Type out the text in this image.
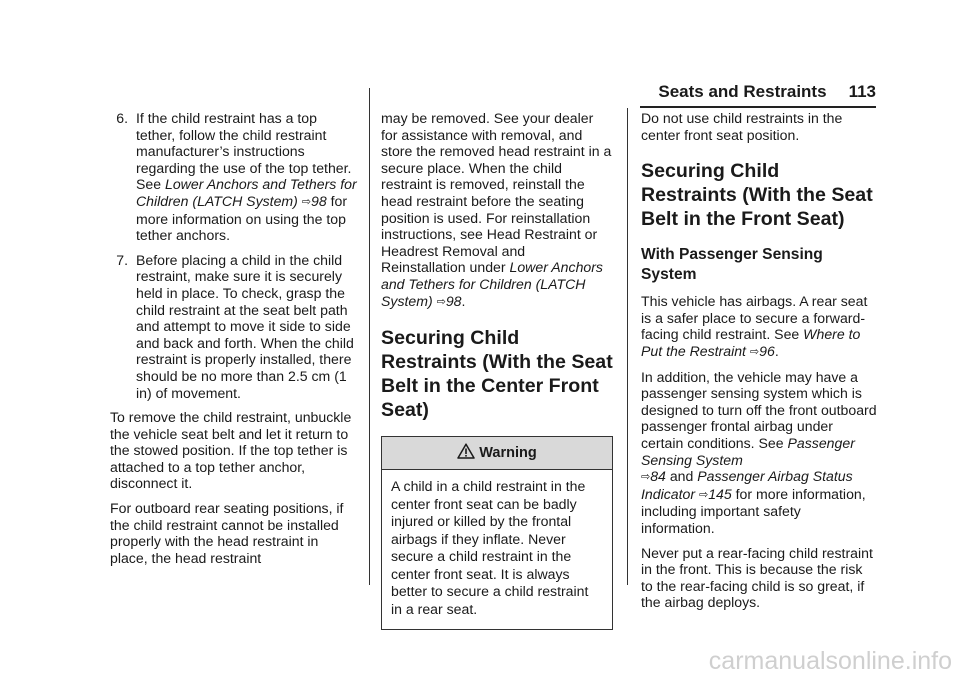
Seats and Restraints 113
6. If the child restraint has a top tether, follow the child restraint manufacturer’s instructions regarding the use of the top tether. See Lower Anchors and Tethers for Children (LATCH System) ⇨98 for more information on using the top tether anchors.
7. Before placing a child in the child restraint, make sure it is securely held in place. To check, grasp the child restraint at the seat belt path and attempt to move it side to side and back and forth. When the child restraint is properly installed, there should be no more than 2.5 cm (1 in) of movement.

To remove the child restraint, unbuckle the vehicle seat belt and let it return to the stowed position. If the top tether is attached to a top tether anchor, disconnect it.

For outboard rear seating positions, if the child restraint cannot be installed properly with the head restraint in place, the head restraint

may be removed. See your dealer for assistance with removal, and store the removed head restraint in a secure place. When the child restraint is removed, reinstall the head restraint before the seating position is used. For reinstallation instructions, see Head Restraint or Headrest Removal and Reinstallation under Lower Anchors and Tethers for Children (LATCH System) ⇨98.

Securing Child Restraints (With the Seat Belt in the Center Front Seat)
Warning
A child in a child restraint in the center front seat can be badly injured or killed by the frontal airbags if they inflate. Never secure a child restraint in the center front seat. It is always better to secure a child restraint in a rear seat.

Do not use child restraints in the center front seat position.

Securing Child Restraints (With the Seat Belt in the Front Seat)
With Passenger Sensing System

This vehicle has airbags. A rear seat is a safer place to secure a forward-facing child restraint. See Where to Put the Restraint ⇨96.

In addition, the vehicle may have a passenger sensing system which is designed to turn off the front outboard passenger frontal airbag under certain conditions. See Passenger Sensing System
⇨84 and Passenger Airbag Status Indicator ⇨145 for more information, including important safety information.

Never put a rear-facing child restraint in the front. This is because the risk to the rear-facing child is so great, if the airbag deploys.

carmanualsonline.info
